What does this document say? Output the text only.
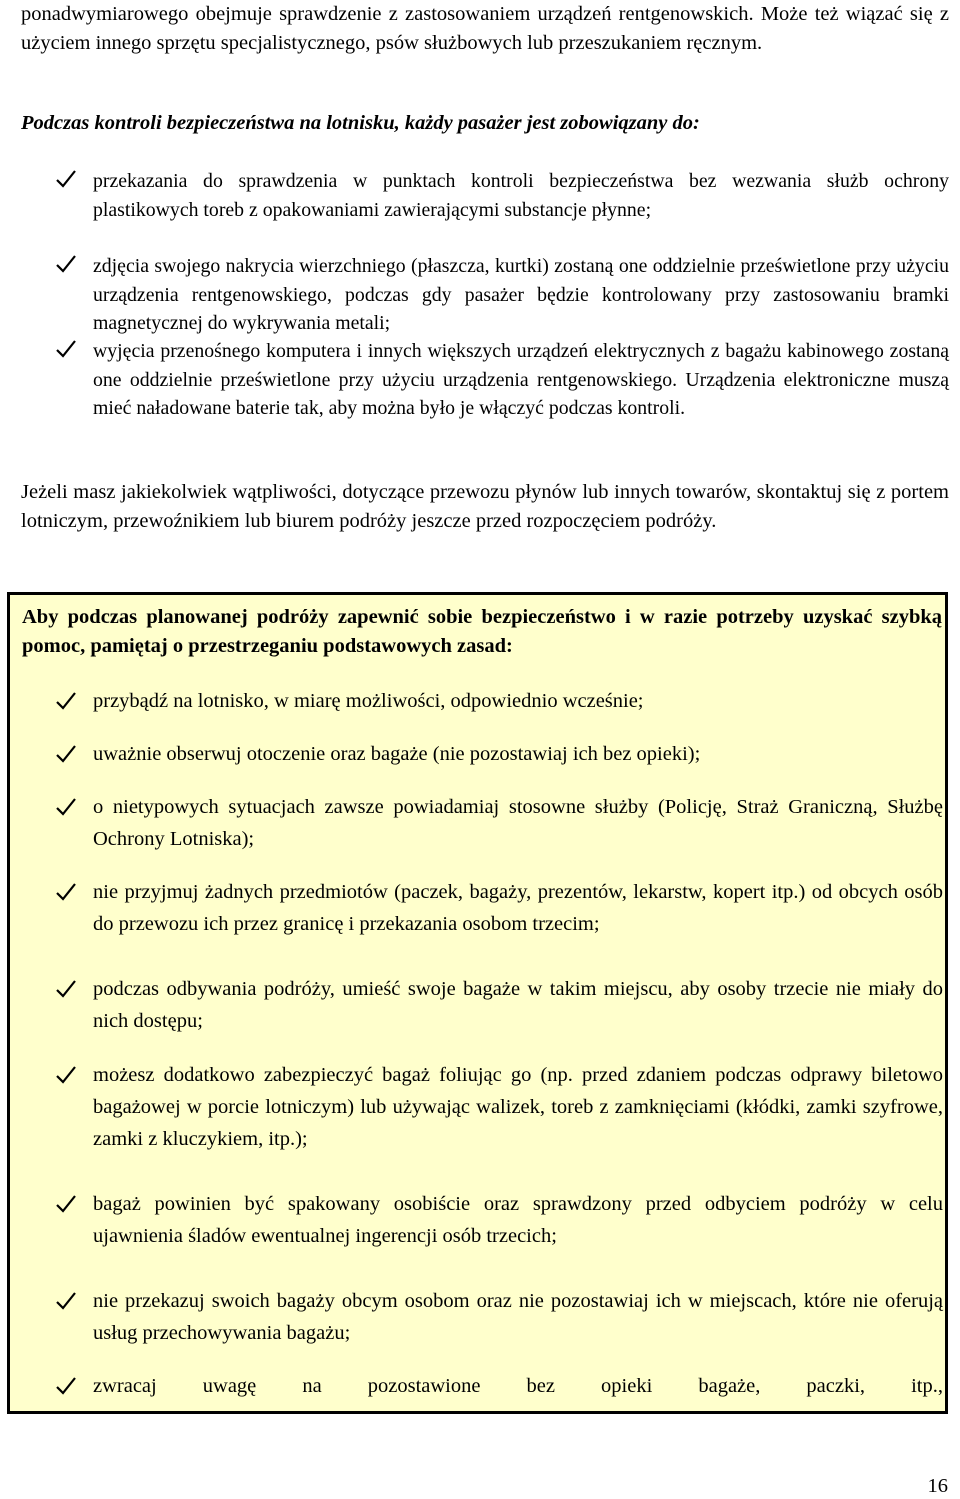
ponadwymiarowego obejmuje sprawdzenie z zastosowaniem urządzeń rentgenowskich. Może też wiązać się z użyciem innego sprzętu specjalistycznego, psów służbowych lub przeszukaniem ręcznym.
Podczas kontroli bezpieczeństwa na lotnisku, każdy pasażer jest zobowiązany do:
przekazania do sprawdzenia w punktach kontroli bezpieczeństwa bez wezwania służb ochrony plastikowych toreb z opakowaniami zawierającymi substancje płynne;
zdjęcia swojego nakrycia wierzchniego (płaszcza, kurtki) zostaną one oddzielnie prześwietlone przy użyciu urządzenia rentgenowskiego, podczas gdy pasażer będzie kontrolowany przy zastosowaniu bramki magnetycznej do wykrywania metali;
wyjęcia przenośnego komputera i innych większych urządzeń elektrycznych z bagażu kabinowego zostaną one oddzielnie prześwietlone przy użyciu urządzenia rentgenowskiego. Urządzenia elektroniczne muszą mieć naładowane baterie tak, aby można było je włączyć podczas kontroli.
Jeżeli masz jakiekolwiek wątpliwości, dotyczące przewozu płynów lub innych towarów, skontaktuj się z portem lotniczym, przewoźnikiem lub biurem podróży jeszcze przed rozpoczęciem podróży.
Aby podczas planowanej podróży zapewnić sobie bezpieczeństwo i w razie potrzeby uzyskać szybką pomoc, pamiętaj o przestrzeganiu podstawowych zasad:
przybądź na lotnisko, w miarę możliwości, odpowiednio wcześnie;
uważnie obserwuj otoczenie oraz bagaże (nie pozostawiaj ich bez opieki);
o nietypowych sytuacjach zawsze powiadamiaj stosowne służby (Policję, Straż Graniczną, Służbę Ochrony Lotniska);
nie przyjmuj żadnych przedmiotów (paczek, bagaży, prezentów, lekarstw, kopert itp.) od obcych osób do przewozu ich przez granicę i przekazania osobom trzecim;
podczas odbywania podróży, umieść swoje bagaże w takim miejscu, aby osoby trzecie nie miały do nich dostępu;
możesz dodatkowo zabezpieczyć bagaż foliując go (np. przed zdaniem podczas odprawy biletowo bagażowej w porcie lotniczym) lub używając walizek, toreb z zamknięciami (kłódki, zamki szyfrowe, zamki z kluczykiem, itp.);
bagaż powinien być spakowany osobiście oraz sprawdzony przed odbyciem podróży w celu ujawnienia śladów ewentualnej ingerencji osób trzecich;
nie przekazuj swoich bagaży obcym osobom oraz nie pozostawiaj ich w miejscach, które nie oferują usług przechowywania bagażu;
zwracaj uwagę na pozostawione bez opieki bagaże, paczki, itp.,
16
